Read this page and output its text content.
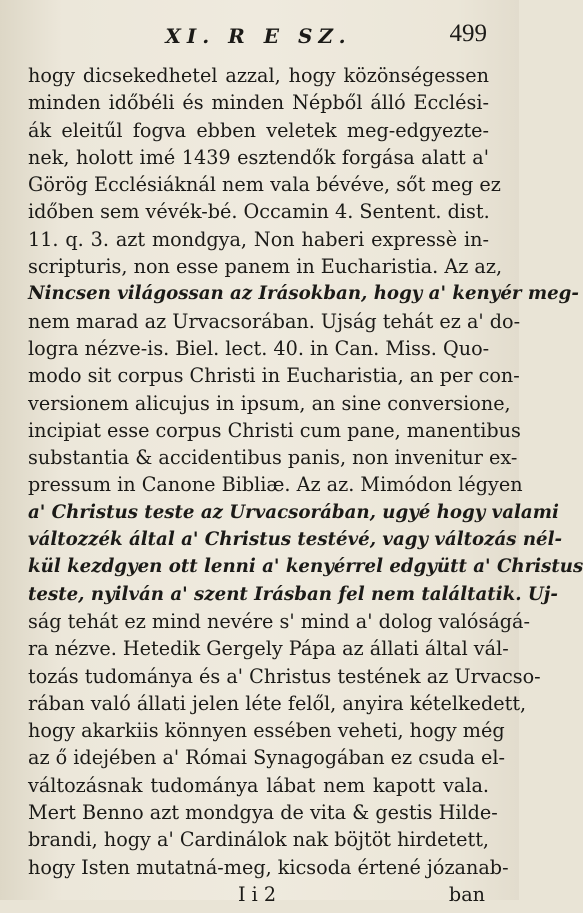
XI. R E SZ.	499
hogy dicsekedhetel azzal, hogy közönségessen
minden időbéli és minden Népből álló Ecclési-
ák eleitűl fogva ebben veletek meg-edgyezte-
nek, holott imé 1439 esztendők forgása alatt a'
Görög Ecclésiáknál nem vala bévéve, sőt meg ez
időben sem vévék-bé. Occamin 4. Sentent. dist.
11. q. 3. azt mondgya, Non haberi expressè in-
scripturis, non esse panem in Eucharistia. Az az,
Nincsen világossan az Irásokban, hogy a' kenyér meg-
nem marad az Urvacsorában. Ujság tehát ez a' do-
logra nézve-is. Biel. lect. 40. in Can. Miss. Quo-
modo sit corpus Christi in Eucharistia, an per con-
versionem alicujus in ipsum, an sine conversione,
incipiat esse corpus Christi cum pane, manentibus
substantia & accidentibus panis, non invenitur ex-
pressum in Canone Bibliæ. Az az. Mimódon légyen
a' Christus teste az Urvacsorában, ugyé hogy valami
változzék által a' Christus testévé, vagy változás nél-
kül kezdgyen ott lenni a' kenyérrel edgyütt a' Christus
teste, nyilván a' szent Irásban fel nem találtatik. Uj-
ság tehát ez mind nevére s' mind a' dolog valóságá-
ra nézve. Hetedik Gergely Pápa az állati által vál-
tozás tudománya és a' Christus testének az Urvacso-
rában való állati jelen léte felől, anyira kételkedett,
hogy akarkiis könnyen essében veheti, hogy még
az ő idejében a' Római Synagogában ez csuda el-
változásnak tudománya lábat nem kapott vala.
Mert Benno azt mondgya de vita & gestis Hilde-
brandi, hogy a' Cardinálok nak böjtöt hirdetett,
hogy Isten mutatná-meg, kicsoda értené józanab-
I i 2	ban
